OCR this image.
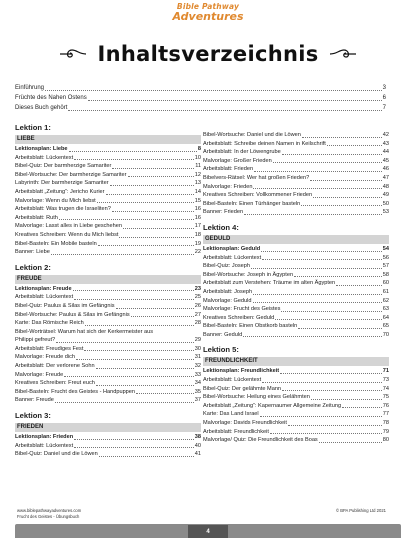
Bible Pathway
Adventures
Inhaltsverzeichnis
Einführung	3
Früchte des Nahen Ostens	6
Dieses Buch gehört	7
Lektion 1:
LIEBE
Lektionsplan: Liebe	8
Arbeitsblatt: Lückentext	10
Bibel-Quiz: Der barmherzige Samariter	11
Bibel-Wortsuche: Der barmherzige Samariter	12
Labyrinth: Der barmherzige Samariter	13
Arbeitsblatt „Zeitung“: Jericho Kurier	14
Malvorlage: Wenn du Mich liebst	15
Arbeitsblatt: Was trugen die Israeliten?	16
Arbeitsblatt: Ruth	16
Malvorlage: Lasst alles in Liebe geschehen	17
Kreatives Schreiben: Wenn du Mich liebst	18
Bibel-Basteln: Ein Mobile basteln	19
Banner: Liebe	22
Lektion 2:
FREUDE
Lektionsplan: Freude	23
Arbeitsblatt: Lückentext	25
Bibel-Quiz: Paulus & Silas im Gefängnis	26
Bibel-Wortsuche: Paulus & Silas im Gefängnis	27
Karte: Das Römische Reich	28
Bibel-Worträtsel: Warum hat sich der Kerkermeister aus
Philippi gefreut?	29
Arbeitsblatt: Freudiges Fest	30
Malvorlage: Freude dich	31
Arbeitsblatt: Der verlorene Sohn	32
Malvorlage: Freude	33
Kreatives Schreiben: Freut euch	34
Bibel-Basteln: Frucht des Geistes - Handpuppen	35
Banner: Freude	37
Lektion 3:
FRIEDEN
Lektionsplan: Frieden	38
Arbeitsblatt: Lückentext	40
Bibel-Quiz: Daniel und die Löwen	41
Bibel-Wortsuche: Daniel und die Löwen	42
Arbeitsblatt: Schreibe deinen Namen in Keilschrift	43
Arbeitsblatt: In der Löwengrube	44
Malvorlage: Großer Frieden	45
Arbeitsblatt: Frieden	46
Bibelvers-Rätsel: Wer hat großen Frieden?	47
Malvorlage: Frieden	48
Kreatives Schreiben: Vollkommener Frieden	49
Bibel-Basteln: Einen Türhänger basteln	50
Banner: Frieden	53
Lektion 4:
GEDULD
Lektionsplan: Geduld	54
Arbeitsblatt: Lückentext	56
Bibel-Quiz: Joseph	57
Bibel-Wortsuche: Joseph in Ägypten	58
Arbeitsblatt zum Verstehen: Träume im alten Ägypten	60
Arbeitsblatt: Joseph	61
Malvorlage: Geduld	62
Malvorlage: Frucht des Geistes	63
Kreatives Schreiben: Geduld	64
Bibel-Basteln: Einen Obstkorb basteln	65
Banner: Geduld	70
Lektion 5:
FREUNDLICHKEIT
Lektionsplan: Freundlichkeit	71
Arbeitsblatt: Lückentext	73
Bibel-Quiz: Der gelähmte Mann	74
Bibel-Wortsuche: Heilung eines Gelähmten	75
Arbeitsblatt „Zeitung“: Kapernaumer Allgemeine Zeitung	76
Karte: Das Land Israel	77
Malvorlage: Davids Freundlichkeit	78
Arbeitsblatt: Freundlichkeit	79
Malvorlage/ Quiz: Die Freundlichkeit des Boas	80
www.biblepathwayadventures.com
Frucht des Geistes - Übungsbuch
© BPA Publishing Ltd 2021
4
